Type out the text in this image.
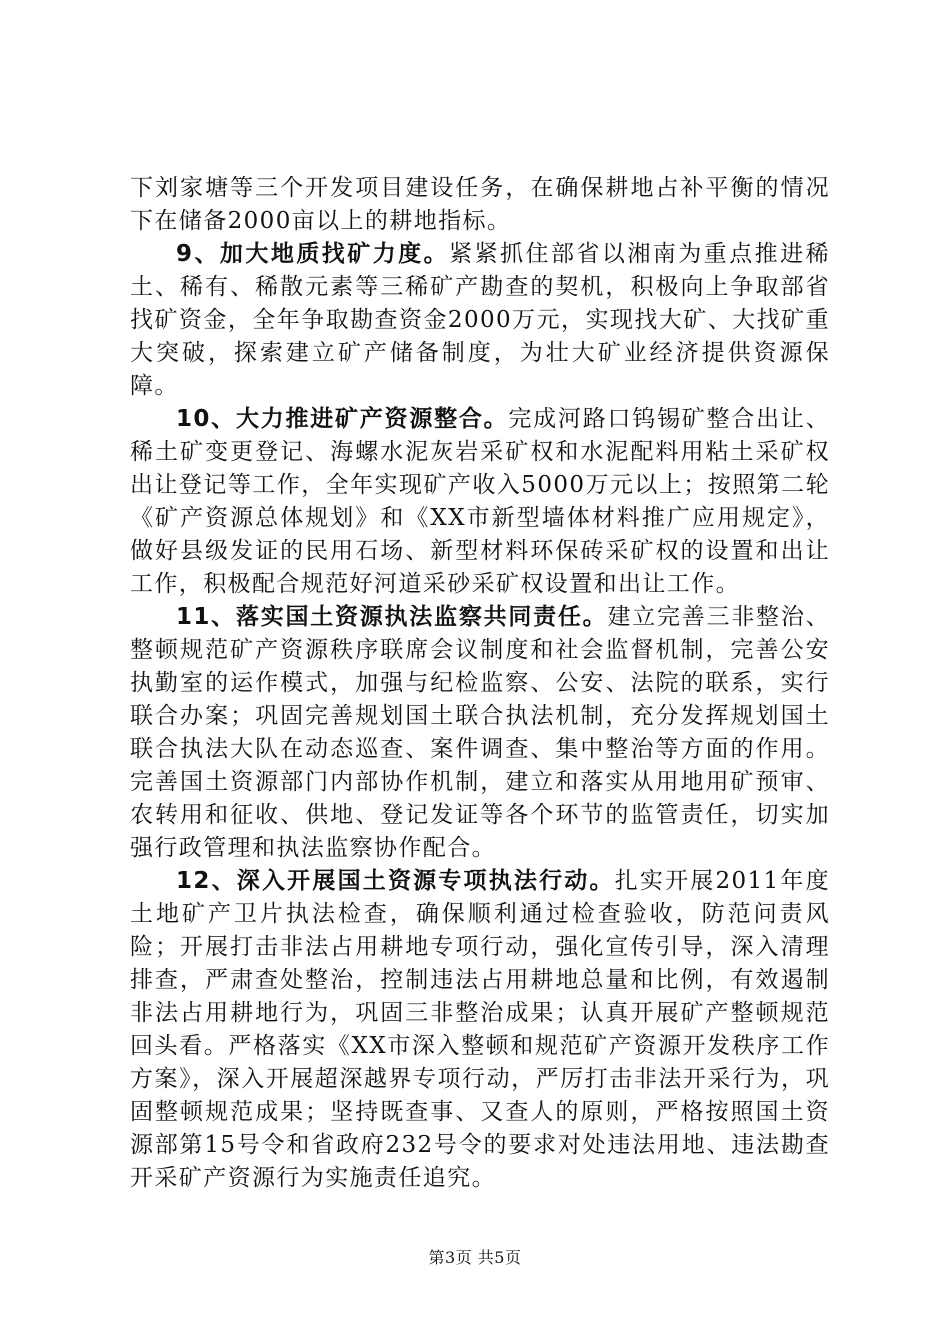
下刘家塘等三个开发项目建设任务，在确保耕地占补平衡的情况下在储备2000亩以上的耕地指标。

9、加大地质找矿力度。紧紧抓住部省以湘南为重点推进稀土、稀有、稀散元素等三稀矿产勘查的契机，积极向上争取部省找矿资金，全年争取勘查资金2000万元，实现找大矿、大找矿重大突破，探索建立矿产储备制度，为壮大矿业经济提供资源保障。

10、大力推进矿产资源整合。完成河路口钨锡矿整合出让、稀土矿变更登记、海螺水泥灰岩采矿权和水泥配料用粘土采矿权出让登记等工作，全年实现矿产收入5000万元以上；按照第二轮《矿产资源总体规划》和《XX市新型墙体材料推广应用规定》，做好县级发证的民用石场、新型材料环保砖采矿权的设置和出让工作，积极配合规范好河道采砂采矿权设置和出让工作。

11、落实国土资源执法监察共同责任。建立完善三非整治、整顿规范矿产资源秩序联席会议制度和社会监督机制，完善公安执勤室的运作模式，加强与纪检监察、公安、法院的联系，实行联合办案；巩固完善规划国土联合执法机制，充分发挥规划国土联合执法大队在动态巡查、案件调查、集中整治等方面的作用。完善国土资源部门内部协作机制，建立和落实从用地用矿预审、农转用和征收、供地、登记发证等各个环节的监管责任，切实加强行政管理和执法监察协作配合。

12、深入开展国土资源专项执法行动。扎实开展2011年度土地矿产卫片执法检查，确保顺利通过检查验收，防范问责风险；开展打击非法占用耕地专项行动，强化宣传引导，深入清理排查，严肃查处整治，控制违法占用耕地总量和比例，有效遏制非法占用耕地行为，巩固三非整治成果；认真开展矿产整顿规范回头看。严格落实《XX市深入整顿和规范矿产资源开发秩序工作方案》，深入开展超深越界专项行动，严厉打击非法开采行为，巩固整顿规范成果；坚持既查事、又查人的原则，严格按照国土资源部第15号令和省政府232号令的要求对处违法用地、违法勘查开采矿产资源行为实施责任追究。

第3页 共5页
